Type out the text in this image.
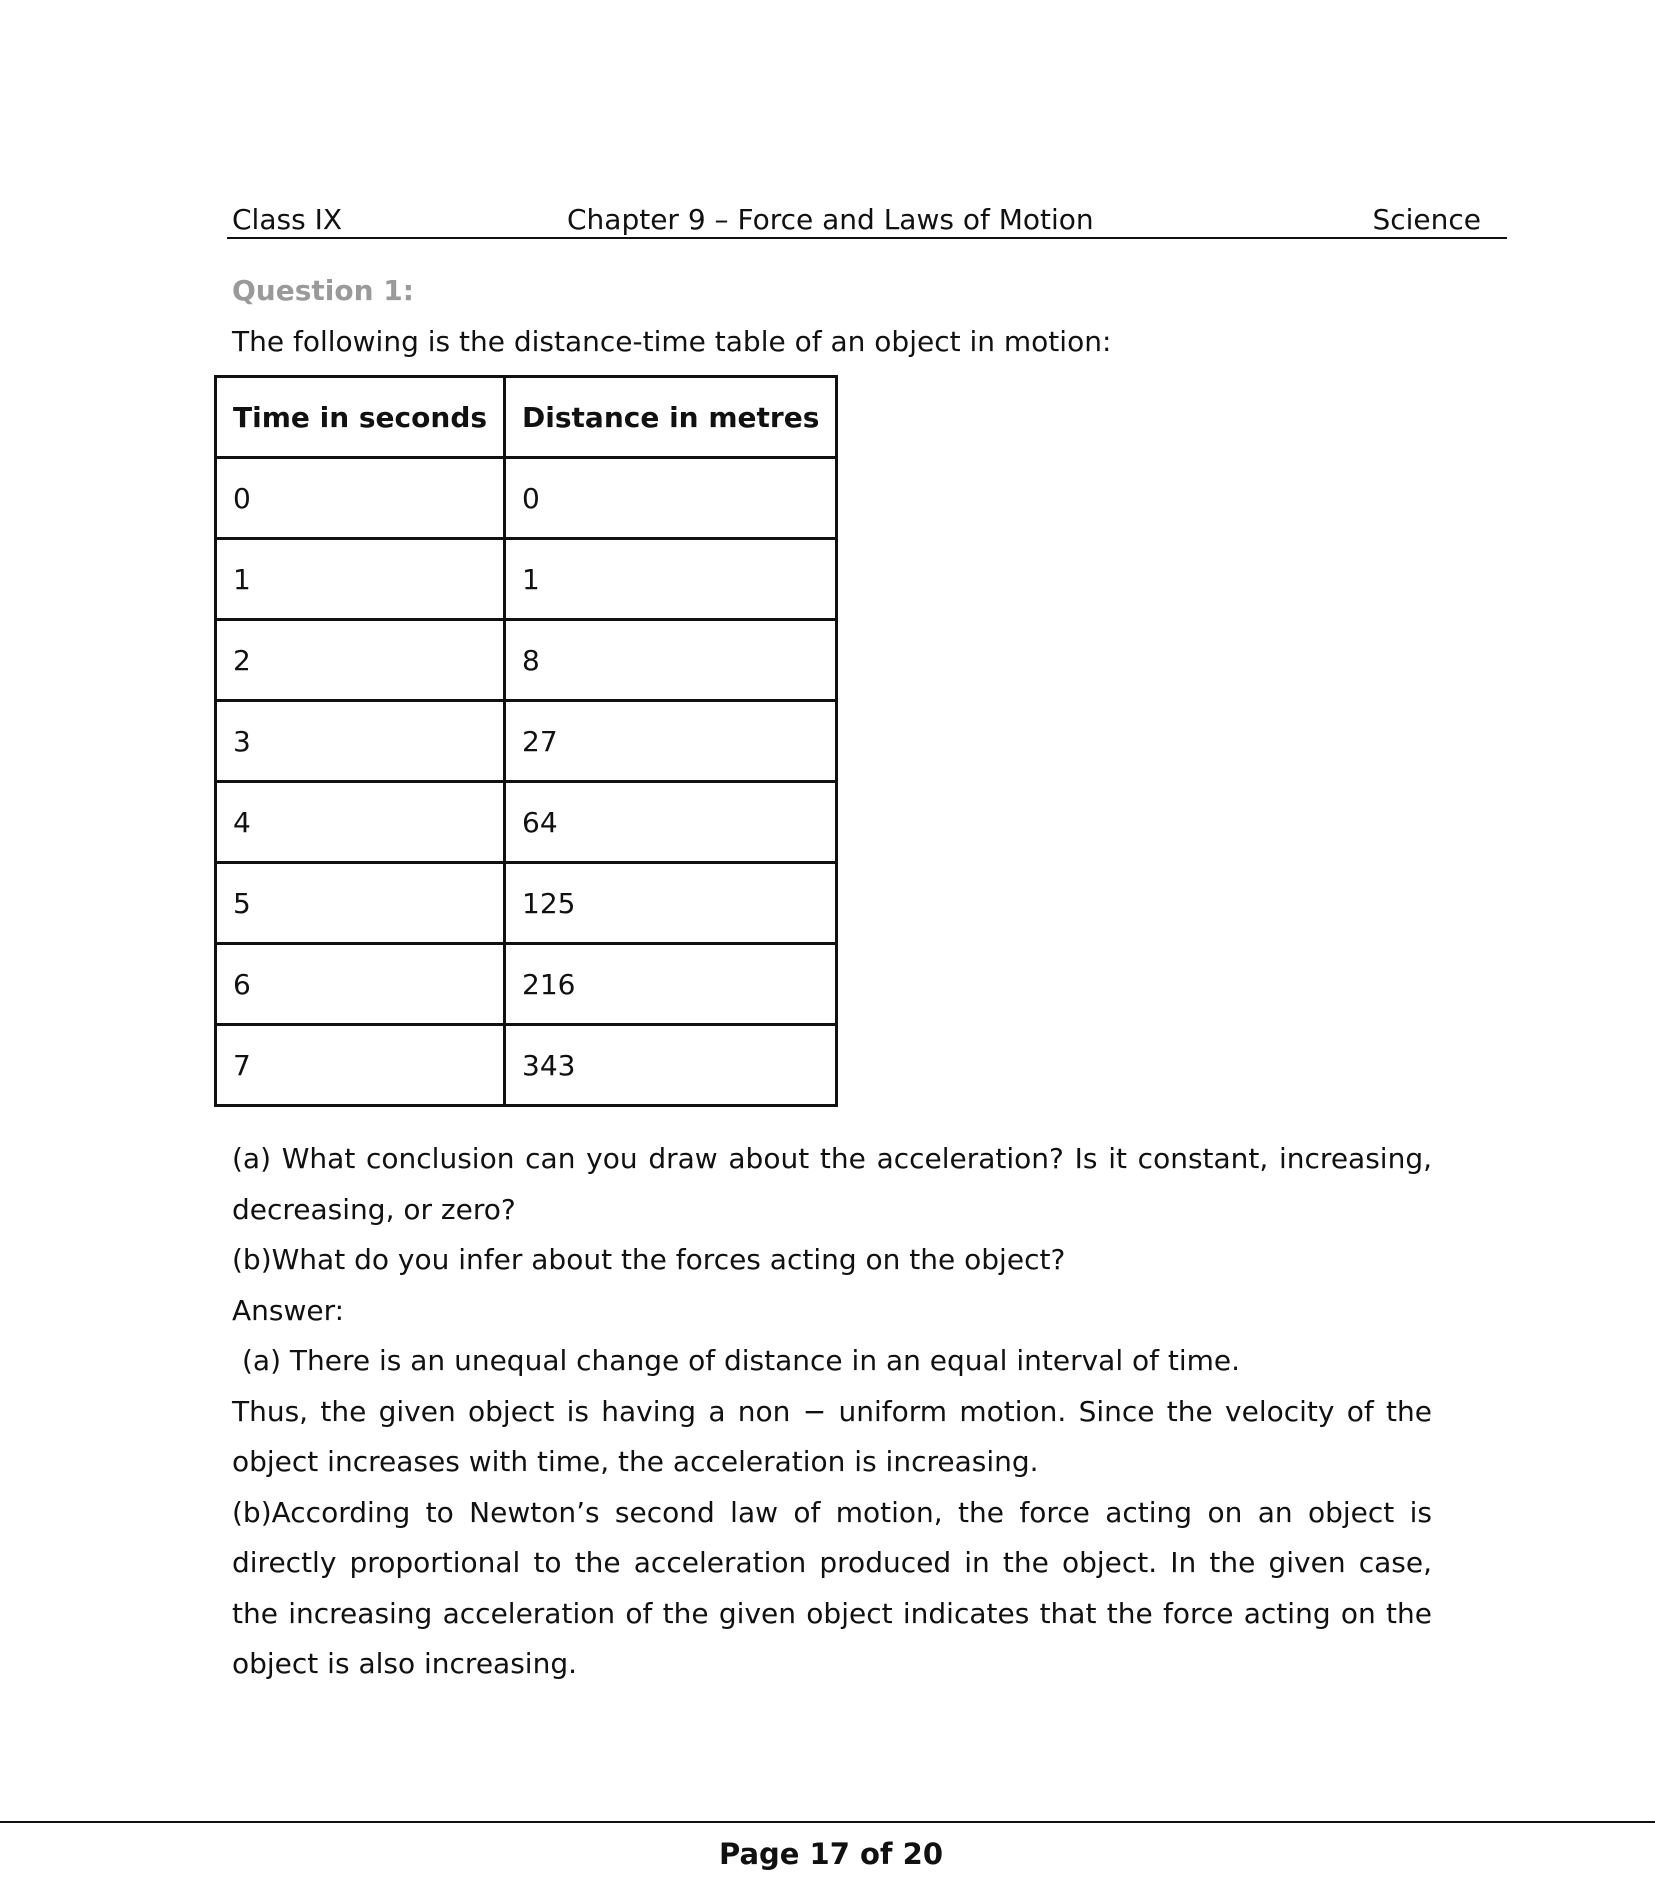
Class IX	Chapter 9 – Force and Laws of Motion	Science
Question 1:
The following is the distance-time table of an object in motion:
Time in seconds	Distance in metres
0	0
1	1
2	8
3	27
4	64
5	125
6	216
7	343

(a) What conclusion can you draw about the acceleration? Is it constant, increasing, decreasing, or zero?

(b)What do you infer about the forces acting on the object?

Answer:

(a) There is an unequal change of distance in an equal interval of time.

Thus, the given object is having a non − uniform motion. Since the velocity of the object increases with time, the acceleration is increasing.

(b)According to Newton’s second law of motion, the force acting on an object is directly proportional to the acceleration produced in the object. In the given case, the increasing acceleration of the given object indicates that the force acting on the object is also increasing.

Page 17 of 20
